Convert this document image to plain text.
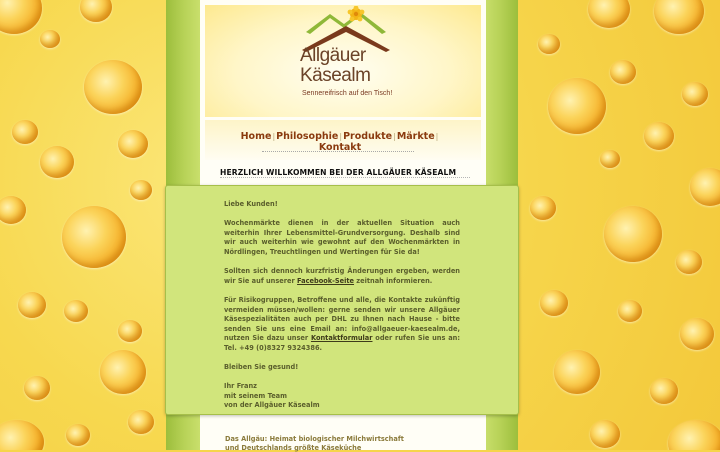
Allgäuer
Käsealm
Sennereifrisch auf den Tisch!
Home|Philosophie|Produkte|Märkte|
Kontakt
HERZLICH WILLKOMMEN BEI DER ALLGÄUER KÄSEALM

Liebe Kunden!

Wochenmärkte dienen in der aktuellen Situation auch weiterhin Ihrer Lebensmittel-Grundversorgung. Deshalb sind wir auch weiterhin wie gewohnt auf den Wochenmärkten in Nördlingen, Treuchtlingen und Wertingen für Sie da!

Sollten sich dennoch kurzfristig Änderungen ergeben, werden wir Sie auf unserer Facebook-Seite zeitnah informieren.

Für Risikogruppen, Betroffene und alle, die Kontakte zukünftig vermeiden müssen/wollen: gerne senden wir unsere Allgäuer Käsespezialitäten auch per DHL zu Ihnen nach Hause - bitte senden Sie uns eine Email an: info@allgaeuer-kaesealm.de, nutzen Sie dazu unser Kontaktformular oder rufen Sie uns an: Tel. +49 (0)8327 9324386.

Bleiben Sie gesund!

Ihr Franz
mit seinem Team
von der Allgäuer Käsealm

Das Allgäu: Heimat biologischer Milchwirtschaft
und Deutschlands größte Käseküche
